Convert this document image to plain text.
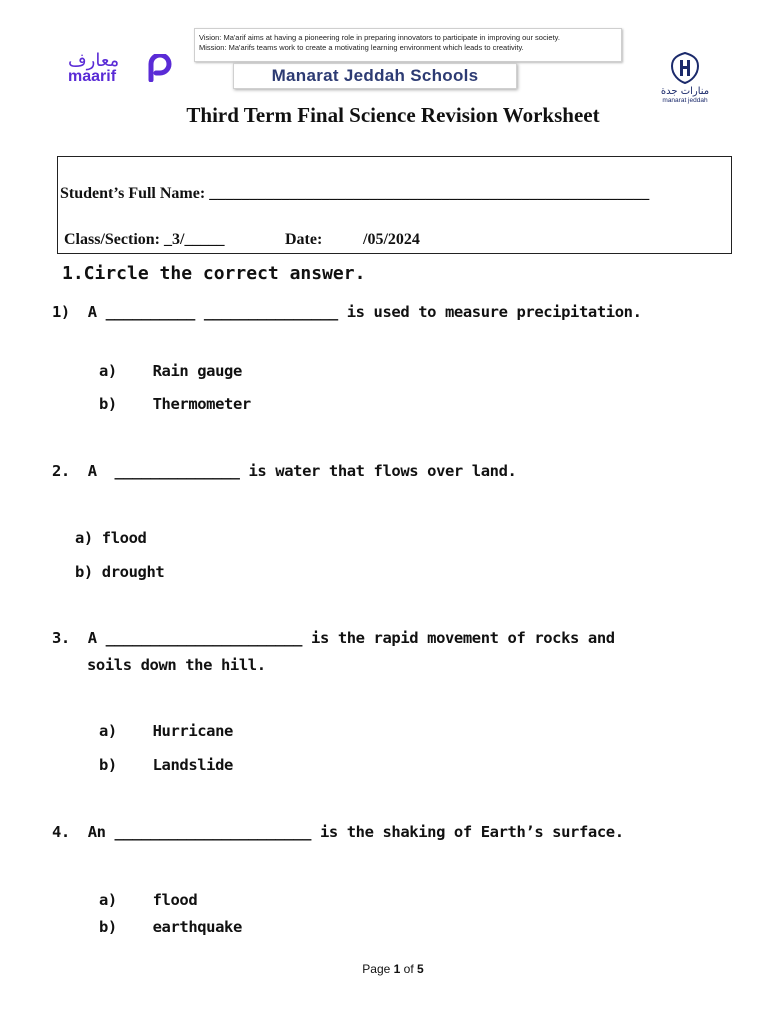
معارف
maarif
Vision: Ma'arif aims at having a pioneering role in preparing innovators to participate in improving our society.
Mission: Ma'arifs teams work to create a motivating learning environment which leads to creativity.
Manarat Jeddah Schools
منارات جدة
manarat jeddah
Third Term Final Science Revision Worksheet
Student’s Full Name: _______________________________________________________
Class/Section: _3/_____	Date:	/05/2024
1.Circle the correct answer.
1)  A __________ _______________ is used to measure precipitation.
a)    Rain gauge
b)    Thermometer
2.  A  ______________ is water that flows over land.
a) flood
b) drought
3.  A ______________________ is the rapid movement of rocks and
soils down the hill.
a)    Hurricane
b)    Landslide
4.  An ______________________ is the shaking of Earth’s surface.
a)    flood
b)    earthquake
Page 1 of 5
